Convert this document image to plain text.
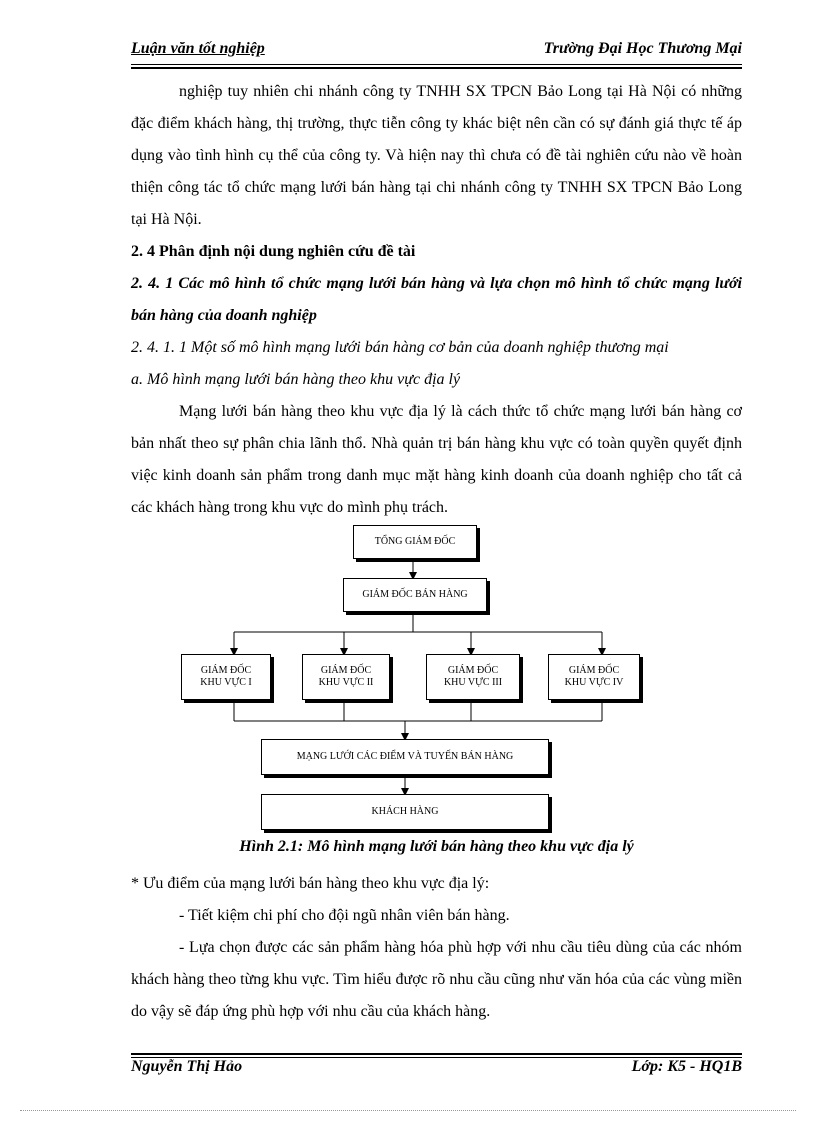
Luận văn tốt nghiệp	Trường Đại Học Thương Mại

nghiệp tuy nhiên chi nhánh công ty TNHH SX TPCN Bảo Long tại Hà Nội có những đặc điểm khách hàng, thị trường, thực tiễn công ty khác biệt nên cần có sự đánh giá thực tế áp dụng vào tình hình cụ thể của công ty. Và hiện nay thì chưa có đề tài nghiên cứu nào về hoàn thiện công tác tổ chức mạng lưới bán hàng tại chi nhánh công ty TNHH SX TPCN Bảo Long tại Hà Nội.

2. 4 Phân định nội dung nghiên cứu đề tài

2. 4. 1 Các mô hình tổ chức mạng lưới bán hàng và lựa chọn mô hình tổ chức mạng lưới bán hàng của doanh nghiệp

2. 4. 1. 1 Một số mô hình mạng lưới bán hàng cơ bản của doanh nghiệp thương mại

a. Mô hình mạng lưới bán hàng theo khu vực địa lý

Mạng lưới bán hàng theo khu vực địa lý là cách thức tổ chức mạng lưới bán hàng cơ bản nhất theo sự phân chia lãnh thổ. Nhà quản trị bán hàng khu vực có toàn quyền quyết định việc kinh doanh sản phẩm trong danh mục mặt hàng kinh doanh của doanh nghiệp cho tất cả các khách hàng trong khu vực do mình phụ trách.

TỔNG GIÁM ĐỐC
GIÁM ĐỐC BÁN HÀNG
GIÁM ĐỐC
KHU VỰC I
GIÁM ĐỐC
KHU VỰC II
GIÁM ĐỐC
KHU VỰC III
GIÁM ĐỐC
KHU VỰC IV
MẠNG LƯỚI CÁC ĐIỂM VÀ TUYẾN BÁN HÀNG
KHÁCH HÀNG
Hình 2.1: Mô hình mạng lưới bán hàng theo khu vực địa lý

* Ưu điểm của mạng lưới bán hàng theo khu vực địa lý:

- Tiết kiệm chi phí cho đội ngũ nhân viên bán hàng.

- Lựa chọn được các sản phẩm hàng hóa phù hợp với nhu cầu tiêu dùng của các nhóm khách hàng theo từng khu vực. Tìm hiểu được rõ nhu cầu cũng như văn hóa của các vùng miền do vậy sẽ đáp ứng phù hợp với nhu cầu của khách hàng.

Nguyễn Thị Hảo	Lớp: K5 - HQ1B
